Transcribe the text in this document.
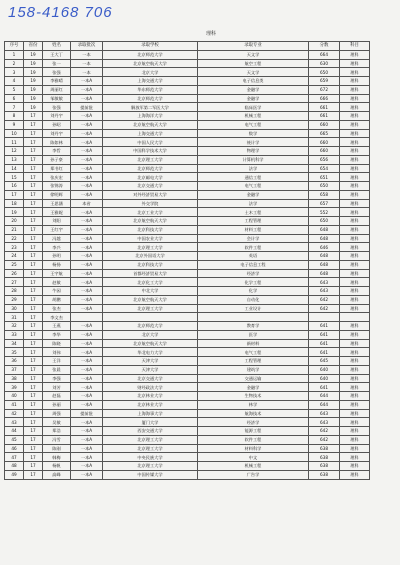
158-4168 706
理科
序号	省份	姓名	录取批次	录取学校	录取专业	分数	科目
1	19	王大丁	一本	北京师范大学	天文学	664	理科
2	19	张一	一本	北京航空航天大学	航空工程	630	理科
3	19	张强	一本	北京大学	天文学	650	理科
4	19	李雅晴	一本A	上海交通大学	电子信息类	659	理科
5	19	周丽红	一本A	华东师范大学	金融学	672	理科
6	19	邹敏敏	一本A	北京师范大学	金融学	666	理科
7	19	张强	提前批	解放军第二军医大学	临床医学	661	理科
8	17	刘丹宇	一本A	上海海洋大学	机械工程	661	理科
9	17	孙昭	一本A	北京航空航天大学	电气工程	660	理科
10	17	刘丹宇	一本A	上海交通大学	数学	665	理科
11	17	陈如林	一本A	中国人民大学	统计学	660	理科
12	17	李哲	一本A	中国科学技术大学	物理学	660	理科
13	17	孙子豪	一本A	北京理工大学	计算机科学	656	理科
14	17	郑书红	一本A	北京师范大学	法学	654	理科
15	17	张庆宏	一本A	北京邮电大学	通信工程	651	理科
16	17	张锦涛	一本A	北京交通大学	电气工程	650	理科
17	17	徐明辉	一本A	对外经济贸易大学	金融学	658	理科
18	17	王思涵	本省	外交学院	法学	657	理科
19	17	王雅妮	一本A	北京工业大学	土木工程	552	理科
20	17	刘阳	一本A	北京航空航天大学	工程管理	650	理科
21	17	王红宇	一本A	北京科技大学	材料工程	648	理科
22	17	冯越	一本A	中国农业大学	会计学	648	理科
23	17	李兴	一本A	北京理工大学	软件工程	646	理科
24	17	孙明	一本A	北京外国语大学	英语	648	理科
25	17	杨扬	一本A	北京科技大学	电子信息工程	648	理科
26	17	王宇航	一本A	首都经济贸易大学	经济学	648	理科
27	17	赵敏	一本A	北京化工大学	化学工程	643	理科
28	17	牛园	一本A	中北大学	化学	643	理科
29	17	胡鹏	一本A	北京航空航天大学	自动化	642	理科
30	17	张杰	一本A	北京理工大学	工业设计	642	理科
31	17	李文杰					
32	17	王燕	一本A	北京师范大学	教育学	641	理科
33	17	李华	一本A	北京大学	医学	641	理科
34	17	陈晓	一本A	北京航空航天大学	新材料	641	理科
35	17	刘伟	一本A	华北电力大学	电气工程	641	理科
36	17	王洋	一本A	天津大学	工程管理	645	理科
37	17	张晨	一本A	天津大学	建筑学	640	理科
38	17	李强	一本A	北京交通大学	交通运输	640	理科
39	17	刘芳	一本A	财经政法大学	金融学	641	理科
40	17	赵磊	一本A	北京林业大学	生物技术	644	理科
41	17	孙丽	一本A	北京林业大学	林学	644	理科
42	17	周强	提前批	上海海事大学	航海技术	643	理科
43	17	吴敏	一本A	厦门大学	经济学	643	理科
44	17	郑浩	一本A	西安交通大学	能源工程	642	理科
45	17	冯雪	一本A	北京理工大学	软件工程	642	理科
46	17	陈刚	一本A	北京理工大学	材料科学	638	理科
47	17	韩梅	一本A	中央民族大学	中文	638	理科
48	17	杨帆	一本A	北京理工大学	机械工程	638	理科
49	17	高峰	一本A	中国传媒大学	广告学	638	理科
